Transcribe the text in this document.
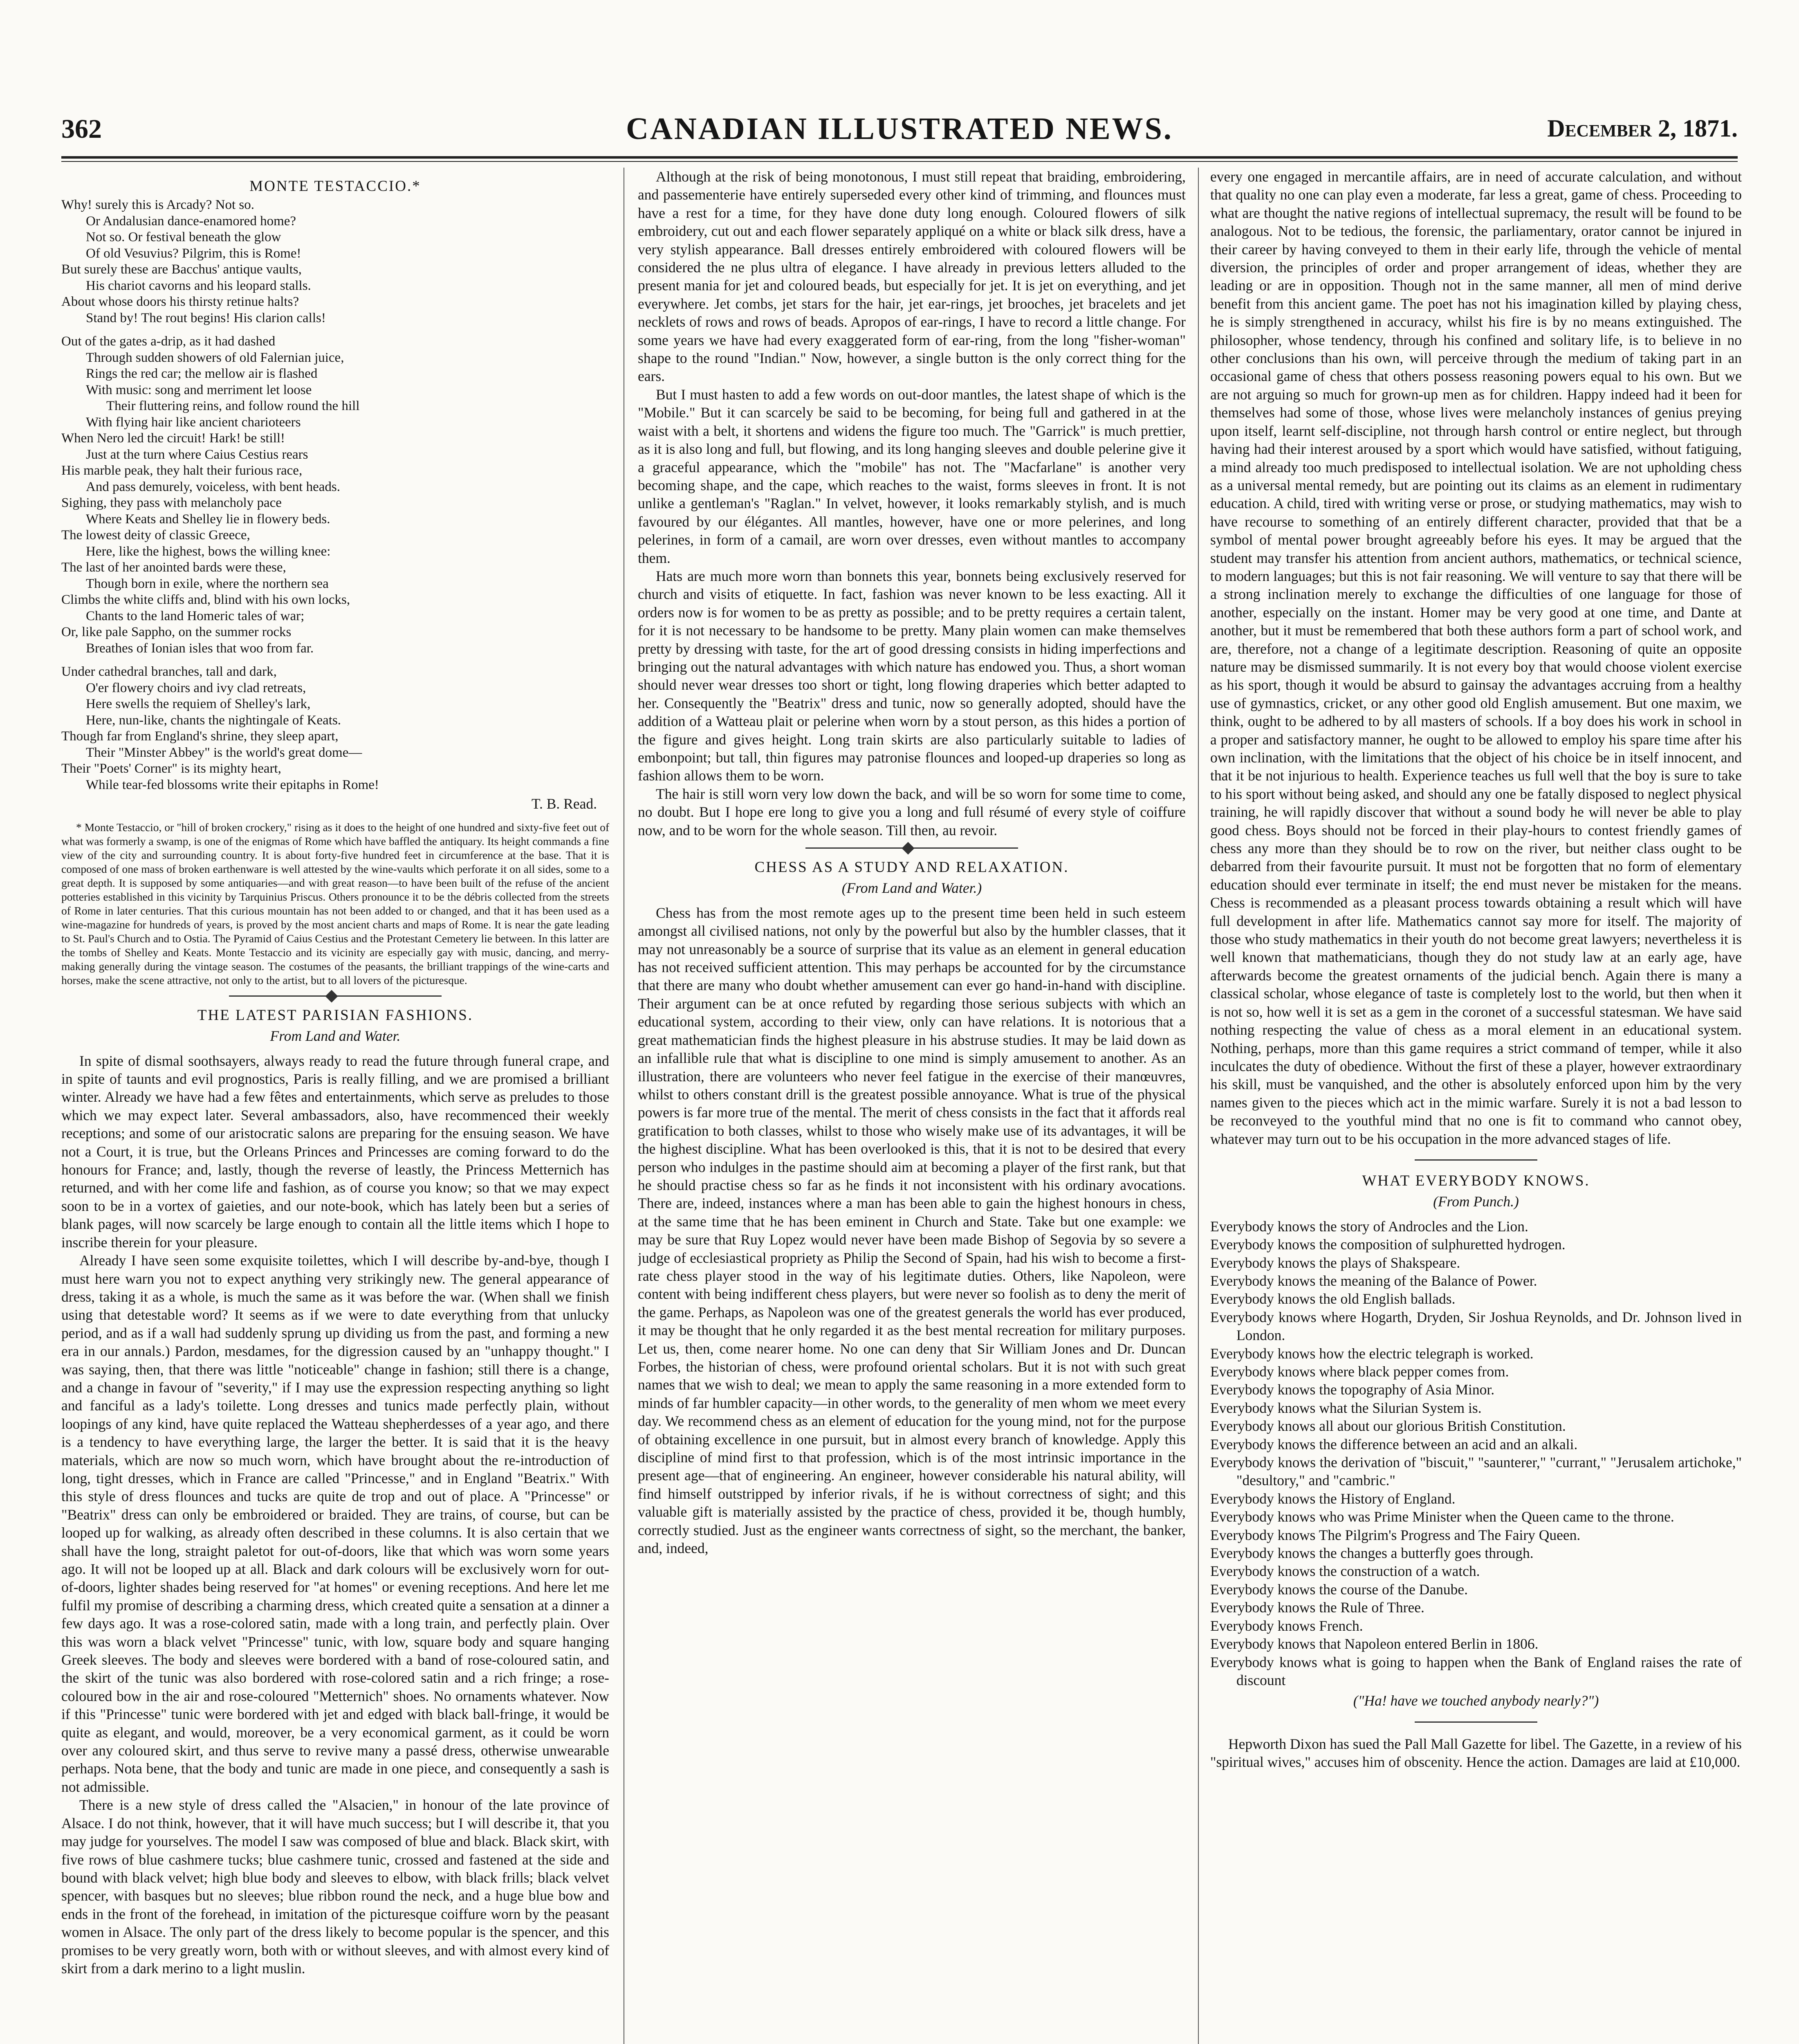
362	CANADIAN ILLUSTRATED NEWS.	December 2, 1871.
MONTE TESTACCIO.*
Why! surely this is Arcady? Not so.
Or Andalusian dance-enamored home?
Not so. Or festival beneath the glow
Of old Vesuvius? Pilgrim, this is Rome!
But surely these are Bacchus' antique vaults,
His chariot cavorns and his leopard stalls.
About whose doors his thirsty retinue halts?
Stand by! The rout begins! His clarion calls!
Out of the gates a-drip, as it had dashed
Through sudden showers of old Falernian juice,
Rings the red car; the mellow air is flashed
With music: song and merriment let loose
Their fluttering reins, and follow round the hill
With flying hair like ancient charioteers
When Nero led the circuit! Hark! be still!
Just at the turn where Caius Cestius rears
His marble peak, they halt their furious race,
And pass demurely, voiceless, with bent heads.
Sighing, they pass with melancholy pace
Where Keats and Shelley lie in flowery beds.
The lowest deity of classic Greece,
Here, like the highest, bows the willing knee:
The last of her anointed bards were these,
Though born in exile, where the northern sea
Climbs the white cliffs and, blind with his own locks,
Chants to the land Homeric tales of war;
Or, like pale Sappho, on the summer rocks
Breathes of Ionian isles that woo from far.
Under cathedral branches, tall and dark,
O'er flowery choirs and ivy clad retreats,
Here swells the requiem of Shelley's lark,
Here, nun-like, chants the nightingale of Keats.
Though far from England's shrine, they sleep apart,
Their "Minster Abbey" is the world's great dome—
Their "Poets' Corner" is its mighty heart,
While tear-fed blossoms write their epitaphs in Rome!
T. B. Read.

* Monte Testaccio, or "hill of broken crockery," rising as it does to the height of one hundred and sixty-five feet out of what was formerly a swamp, is one of the enigmas of Rome which have baffled the antiquary. Its height commands a fine view of the city and surrounding country. It is about forty-five hundred feet in circumference at the base. That it is composed of one mass of broken earthenware is well attested by the wine-vaults which perforate it on all sides, some to a great depth. It is supposed by some antiquaries—and with great reason—to have been built of the refuse of the ancient potteries established in this vicinity by Tarquinius Priscus. Others pronounce it to be the débris collected from the streets of Rome in later centuries. That this curious mountain has not been added to or changed, and that it has been used as a wine-magazine for hundreds of years, is proved by the most ancient charts and maps of Rome. It is near the gate leading to St. Paul's Church and to Ostia. The Pyramid of Caius Cestius and the Protestant Cemetery lie between. In this latter are the tombs of Shelley and Keats. Monte Testaccio and its vicinity are especially gay with music, dancing, and merry-making generally during the vintage season. The costumes of the peasants, the brilliant trappings of the wine-carts and horses, make the scene attractive, not only to the artist, but to all lovers of the picturesque.

THE LATEST PARISIAN FASHIONS.
From Land and Water.

In spite of dismal soothsayers, always ready to read the future through funeral crape, and in spite of taunts and evil prognostics, Paris is really filling, and we are promised a brilliant winter. Already we have had a few fêtes and entertainments, which serve as preludes to those which we may expect later. Several ambassadors, also, have recommenced their weekly receptions; and some of our aristocratic salons are preparing for the ensuing season. We have not a Court, it is true, but the Orleans Princes and Princesses are coming forward to do the honours for France; and, lastly, though the reverse of leastly, the Princess Metternich has returned, and with her come life and fashion, as of course you know; so that we may expect soon to be in a vortex of gaieties, and our note-book, which has lately been but a series of blank pages, will now scarcely be large enough to contain all the little items which I hope to inscribe therein for your pleasure.

Already I have seen some exquisite toilettes, which I will describe by-and-bye, though I must here warn you not to expect anything very strikingly new. The general appearance of dress, taking it as a whole, is much the same as it was before the war. (When shall we finish using that detestable word? It seems as if we were to date everything from that unlucky period, and as if a wall had suddenly sprung up dividing us from the past, and forming a new era in our annals.) Pardon, mesdames, for the digression caused by an "unhappy thought." I was saying, then, that there was little "noticeable" change in fashion; still there is a change, and a change in favour of "severity," if I may use the expression respecting anything so light and fanciful as a lady's toilette. Long dresses and tunics made perfectly plain, without loopings of any kind, have quite replaced the Watteau shepherdesses of a year ago, and there is a tendency to have everything large, the larger the better. It is said that it is the heavy materials, which are now so much worn, which have brought about the re-introduction of long, tight dresses, which in France are called "Princesse," and in England "Beatrix." With this style of dress flounces and tucks are quite de trop and out of place. A "Princesse" or "Beatrix" dress can only be embroidered or braided. They are trains, of course, but can be looped up for walking, as already often described in these columns. It is also certain that we shall have the long, straight paletot for out-of-doors, like that which was worn some years ago. It will not be looped up at all. Black and dark colours will be exclusively worn for out-of-doors, lighter shades being reserved for "at homes" or evening receptions. And here let me fulfil my promise of describing a charming dress, which created quite a sensation at a dinner a few days ago. It was a rose-colored satin, made with a long train, and perfectly plain. Over this was worn a black velvet "Princesse" tunic, with low, square body and square hanging Greek sleeves. The body and sleeves were bordered with a band of rose-coloured satin, and the skirt of the tunic was also bordered with rose-colored satin and a rich fringe; a rose-coloured bow in the air and rose-coloured "Metternich" shoes. No ornaments whatever. Now if this "Princesse" tunic were bordered with jet and edged with black ball-fringe, it would be quite as elegant, and would, moreover, be a very economical garment, as it could be worn over any coloured skirt, and thus serve to revive many a passé dress, otherwise unwearable perhaps. Nota bene, that the body and tunic are made in one piece, and consequently a sash is not admissible.

There is a new style of dress called the "Alsacien," in honour of the late province of Alsace. I do not think, however, that it will have much success; but I will describe it, that you may judge for yourselves. The model I saw was composed of blue and black. Black skirt, with five rows of blue cashmere tucks; blue cashmere tunic, crossed and fastened at the side and bound with black velvet; high blue body and sleeves to elbow, with black frills; black velvet spencer, with basques but no sleeves; blue ribbon round the neck, and a huge blue bow and ends in the front of the forehead, in imitation of the picturesque coiffure worn by the peasant women in Alsace. The only part of the dress likely to become popular is the spencer, and this promises to be very greatly worn, both with or without sleeves, and with almost every kind of skirt from a dark merino to a light muslin.

Although at the risk of being monotonous, I must still repeat that braiding, embroidering, and passementerie have entirely superseded every other kind of trimming, and flounces must have a rest for a time, for they have done duty long enough. Coloured flowers of silk embroidery, cut out and each flower separately appliqué on a white or black silk dress, have a very stylish appearance. Ball dresses entirely embroidered with coloured flowers will be considered the ne plus ultra of elegance. I have already in previous letters alluded to the present mania for jet and coloured beads, but especially for jet. It is jet on everything, and jet everywhere. Jet combs, jet stars for the hair, jet ear-rings, jet brooches, jet bracelets and jet necklets of rows and rows of beads. Apropos of ear-rings, I have to record a little change. For some years we have had every exaggerated form of ear-ring, from the long "fisher-woman" shape to the round "Indian." Now, however, a single button is the only correct thing for the ears.

But I must hasten to add a few words on out-door mantles, the latest shape of which is the "Mobile." But it can scarcely be said to be becoming, for being full and gathered in at the waist with a belt, it shortens and widens the figure too much. The "Garrick" is much prettier, as it is also long and full, but flowing, and its long hanging sleeves and double pelerine give it a graceful appearance, which the "mobile" has not. The "Macfarlane" is another very becoming shape, and the cape, which reaches to the waist, forms sleeves in front. It is not unlike a gentleman's "Raglan." In velvet, however, it looks remarkably stylish, and is much favoured by our élégantes. All mantles, however, have one or more pelerines, and long pelerines, in form of a camail, are worn over dresses, even without mantles to accompany them.

Hats are much more worn than bonnets this year, bonnets being exclusively reserved for church and visits of etiquette. In fact, fashion was never known to be less exacting. All it orders now is for women to be as pretty as possible; and to be pretty requires a certain talent, for it is not necessary to be handsome to be pretty. Many plain women can make themselves pretty by dressing with taste, for the art of good dressing consists in hiding imperfections and bringing out the natural advantages with which nature has endowed you. Thus, a short woman should never wear dresses too short or tight, long flowing draperies which better adapted to her. Consequently the "Beatrix" dress and tunic, now so generally adopted, should have the addition of a Watteau plait or pelerine when worn by a stout person, as this hides a portion of the figure and gives height. Long train skirts are also particularly suitable to ladies of embonpoint; but tall, thin figures may patronise flounces and looped-up draperies so long as fashion allows them to be worn.

The hair is still worn very low down the back, and will be so worn for some time to come, no doubt. But I hope ere long to give you a long and full résumé of every style of coiffure now, and to be worn for the whole season. Till then, au revoir.

CHESS AS A STUDY AND RELAXATION.
(From Land and Water.)

Chess has from the most remote ages up to the present time been held in such esteem amongst all civilised nations, not only by the powerful but also by the humbler classes, that it may not unreasonably be a source of surprise that its value as an element in general education has not received sufficient attention. This may perhaps be accounted for by the circumstance that there are many who doubt whether amusement can ever go hand-in-hand with discipline. Their argument can be at once refuted by regarding those serious subjects with which an educational system, according to their view, only can have relations. It is notorious that a great mathematician finds the highest pleasure in his abstruse studies. It may be laid down as an infallible rule that what is discipline to one mind is simply amusement to another. As an illustration, there are volunteers who never feel fatigue in the exercise of their manœuvres, whilst to others constant drill is the greatest possible annoyance. What is true of the physical powers is far more true of the mental. The merit of chess consists in the fact that it affords real gratification to both classes, whilst to those who wisely make use of its advantages, it will be the highest discipline. What has been overlooked is this, that it is not to be desired that every person who indulges in the pastime should aim at becoming a player of the first rank, but that he should practise chess so far as he finds it not inconsistent with his ordinary avocations. There are, indeed, instances where a man has been able to gain the highest honours in chess, at the same time that he has been eminent in Church and State. Take but one example: we may be sure that Ruy Lopez would never have been made Bishop of Segovia by so severe a judge of ecclesiastical propriety as Philip the Second of Spain, had his wish to become a first-rate chess player stood in the way of his legitimate duties. Others, like Napoleon, were content with being indifferent chess players, but were never so foolish as to deny the merit of the game. Perhaps, as Napoleon was one of the greatest generals the world has ever produced, it may be thought that he only regarded it as the best mental recreation for military purposes. Let us, then, come nearer home. No one can deny that Sir William Jones and Dr. Duncan Forbes, the historian of chess, were profound oriental scholars. But it is not with such great names that we wish to deal; we mean to apply the same reasoning in a more extended form to minds of far humbler capacity—in other words, to the generality of men whom we meet every day. We recommend chess as an element of education for the young mind, not for the purpose of obtaining excellence in one pursuit, but in almost every branch of knowledge. Apply this discipline of mind first to that profession, which is of the most intrinsic importance in the present age—that of engineering. An engineer, however considerable his natural ability, will find himself outstripped by inferior rivals, if he is without correctness of sight; and this valuable gift is materially assisted by the practice of chess, provided it be, though humbly, correctly studied. Just as the engineer wants correctness of sight, so the merchant, the banker, and, indeed,

every one engaged in mercantile affairs, are in need of accurate calculation, and without that quality no one can play even a moderate, far less a great, game of chess. Proceeding to what are thought the native regions of intellectual supremacy, the result will be found to be analogous. Not to be tedious, the forensic, the parliamentary, orator cannot be injured in their career by having conveyed to them in their early life, through the vehicle of mental diversion, the principles of order and proper arrangement of ideas, whether they are leading or are in opposition. Though not in the same manner, all men of mind derive benefit from this ancient game. The poet has not his imagination killed by playing chess, he is simply strengthened in accuracy, whilst his fire is by no means extinguished. The philosopher, whose tendency, through his confined and solitary life, is to believe in no other conclusions than his own, will perceive through the medium of taking part in an occasional game of chess that others possess reasoning powers equal to his own. But we are not arguing so much for grown-up men as for children. Happy indeed had it been for themselves had some of those, whose lives were melancholy instances of genius preying upon itself, learnt self-discipline, not through harsh control or entire neglect, but through having had their interest aroused by a sport which would have satisfied, without fatiguing, a mind already too much predisposed to intellectual isolation. We are not upholding chess as a universal mental remedy, but are pointing out its claims as an element in rudimentary education. A child, tired with writing verse or prose, or studying mathematics, may wish to have recourse to something of an entirely different character, provided that that be a symbol of mental power brought agreeably before his eyes. It may be argued that the student may transfer his attention from ancient authors, mathematics, or technical science, to modern languages; but this is not fair reasoning. We will venture to say that there will be a strong inclination merely to exchange the difficulties of one language for those of another, especially on the instant. Homer may be very good at one time, and Dante at another, but it must be remembered that both these authors form a part of school work, and are, therefore, not a change of a legitimate description. Reasoning of quite an opposite nature may be dismissed summarily. It is not every boy that would choose violent exercise as his sport, though it would be absurd to gainsay the advantages accruing from a healthy use of gymnastics, cricket, or any other good old English amusement. But one maxim, we think, ought to be adhered to by all masters of schools. If a boy does his work in school in a proper and satisfactory manner, he ought to be allowed to employ his spare time after his own inclination, with the limitations that the object of his choice be in itself innocent, and that it be not injurious to health. Experience teaches us full well that the boy is sure to take to his sport without being asked, and should any one be fatally disposed to neglect physical training, he will rapidly discover that without a sound body he will never be able to play good chess. Boys should not be forced in their play-hours to contest friendly games of chess any more than they should be to row on the river, but neither class ought to be debarred from their favourite pursuit. It must not be forgotten that no form of elementary education should ever terminate in itself; the end must never be mistaken for the means. Chess is recommended as a pleasant process towards obtaining a result which will have full development in after life. Mathematics cannot say more for itself. The majority of those who study mathematics in their youth do not become great lawyers; nevertheless it is well known that mathematicians, though they do not study law at an early age, have afterwards become the greatest ornaments of the judicial bench. Again there is many a classical scholar, whose elegance of taste is completely lost to the world, but then when it is not so, how well it is set as a gem in the coronet of a successful statesman. We have said nothing respecting the value of chess as a moral element in an educational system. Nothing, perhaps, more than this game requires a strict command of temper, while it also inculcates the duty of obedience. Without the first of these a player, however extraordinary his skill, must be vanquished, and the other is absolutely enforced upon him by the very names given to the pieces which act in the mimic warfare. Surely it is not a bad lesson to be reconveyed to the youthful mind that no one is fit to command who cannot obey, whatever may turn out to be his occupation in the more advanced stages of life.

WHAT EVERYBODY KNOWS.
(From Punch.)
Everybody knows the story of Androcles and the Lion.
Everybody knows the composition of sulphuretted hydrogen.
Everybody knows the plays of Shakspeare.
Everybody knows the meaning of the Balance of Power.
Everybody knows the old English ballads.
Everybody knows where Hogarth, Dryden, Sir Joshua Reynolds, and Dr. Johnson lived in London.
Everybody knows how the electric telegraph is worked.
Everybody knows where black pepper comes from.
Everybody knows the topography of Asia Minor.
Everybody knows what the Silurian System is.
Everybody knows all about our glorious British Constitution.
Everybody knows the difference between an acid and an alkali.
Everybody knows the derivation of "biscuit," "saunterer," "currant," "Jerusalem artichoke," "desultory," and "cambric."
Everybody knows the History of England.
Everybody knows who was Prime Minister when the Queen came to the throne.
Everybody knows The Pilgrim's Progress and The Fairy Queen.
Everybody knows the changes a butterfly goes through.
Everybody knows the construction of a watch.
Everybody knows the course of the Danube.
Everybody knows the Rule of Three.
Everybody knows French.
Everybody knows that Napoleon entered Berlin in 1806.
Everybody knows what is going to happen when the Bank of England raises the rate of discount
("Ha! have we touched anybody nearly?")

Hepworth Dixon has sued the Pall Mall Gazette for libel. The Gazette, in a review of his "spiritual wives," accuses him of obscenity. Hence the action. Damages are laid at £10,000.
